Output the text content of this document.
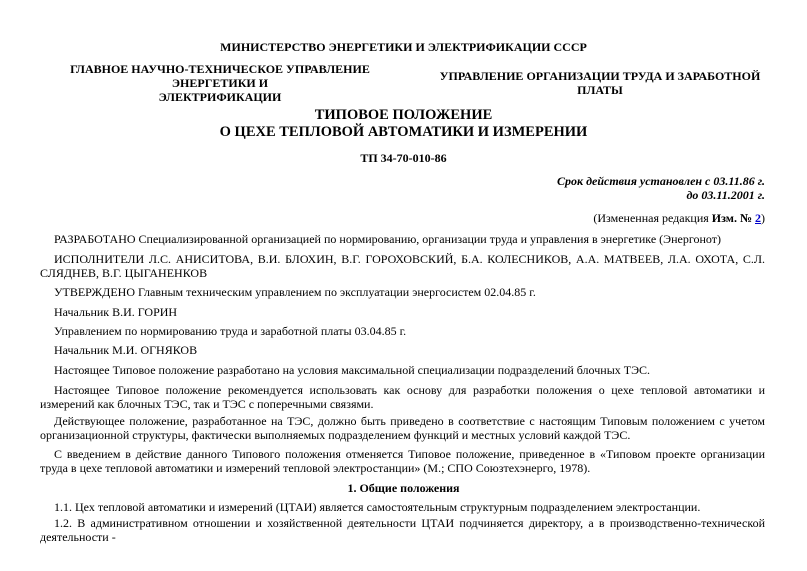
МИНИСТЕРСТВО ЭНЕРГЕТИКИ И ЭЛЕКТРИФИКАЦИИ СССР
ГЛАВНОЕ НАУЧНО-ТЕХНИЧЕСКОЕ УПРАВЛЕНИЕ ЭНЕРГЕТИКИ И
ЭЛЕКТРИФИКАЦИИ
УПРАВЛЕНИЕ ОРГАНИЗАЦИИ ТРУДА И ЗАРАБОТНОЙ ПЛАТЫ
ТИПОВОЕ ПОЛОЖЕНИЕ
О ЦЕХЕ ТЕПЛОВОЙ АВТОМАТИКИ И ИЗМЕРЕНИИ
ТП 34-70-010-86
Срок действия установлен с 03.11.86 г.
до 03.11.2001 г.
(Измененная редакция Изм. № 2)
РАЗРАБОТАНО Специализированной организацией по нормированию, организации труда и управления в энергетике (Энергонот)
ИСПОЛНИТЕЛИ Л.С. АНИСИТОВА, В.И. БЛОХИН, В.Г. ГОРОХОВСКИЙ, Б.А. КОЛЕСНИКОВ, А.А. МАТВЕЕВ, Л.А. ОХОТА, С.Л. СЛЯДНЕВ, В.Г. ЦЫГАНЕНКОВ
УТВЕРЖДЕНО Главным техническим управлением по эксплуатации энергосистем 02.04.85 г.
Начальник В.И. ГОРИН
Управлением по нормированию труда и заработной платы 03.04.85 г.
Начальник М.И. ОГНЯКОВ
Настоящее Типовое положение разработано на условия максимальной специализации подразделений блочных ТЭС.
Настоящее Типовое положение рекомендуется использовать как основу для разработки положения о цехе тепловой автоматики и измерений как блочных ТЭС, так и ТЭС с поперечными связями.
Действующее положение, разработанное на ТЭС, должно быть приведено в соответствие с настоящим Типовым положением с учетом организационной структуры, фактически выполняемых подразделением функций и местных условий каждой ТЭС.
С введением в действие данного Типового положения отменяется Типовое положение, приведенное в «Типовом проекте организации труда в цехе тепловой автоматики и измерений тепловой электростанции» (М.; СПО Союзтехэнерго, 1978).
1. Общие положения
1.1. Цех тепловой автоматики и измерений (ЦТАИ) является самостоятельным структурным подразделением электростанции.
1.2. В административном отношении и хозяйственной деятельности ЦТАИ подчиняется директору, а в производственно-технической деятельности -
